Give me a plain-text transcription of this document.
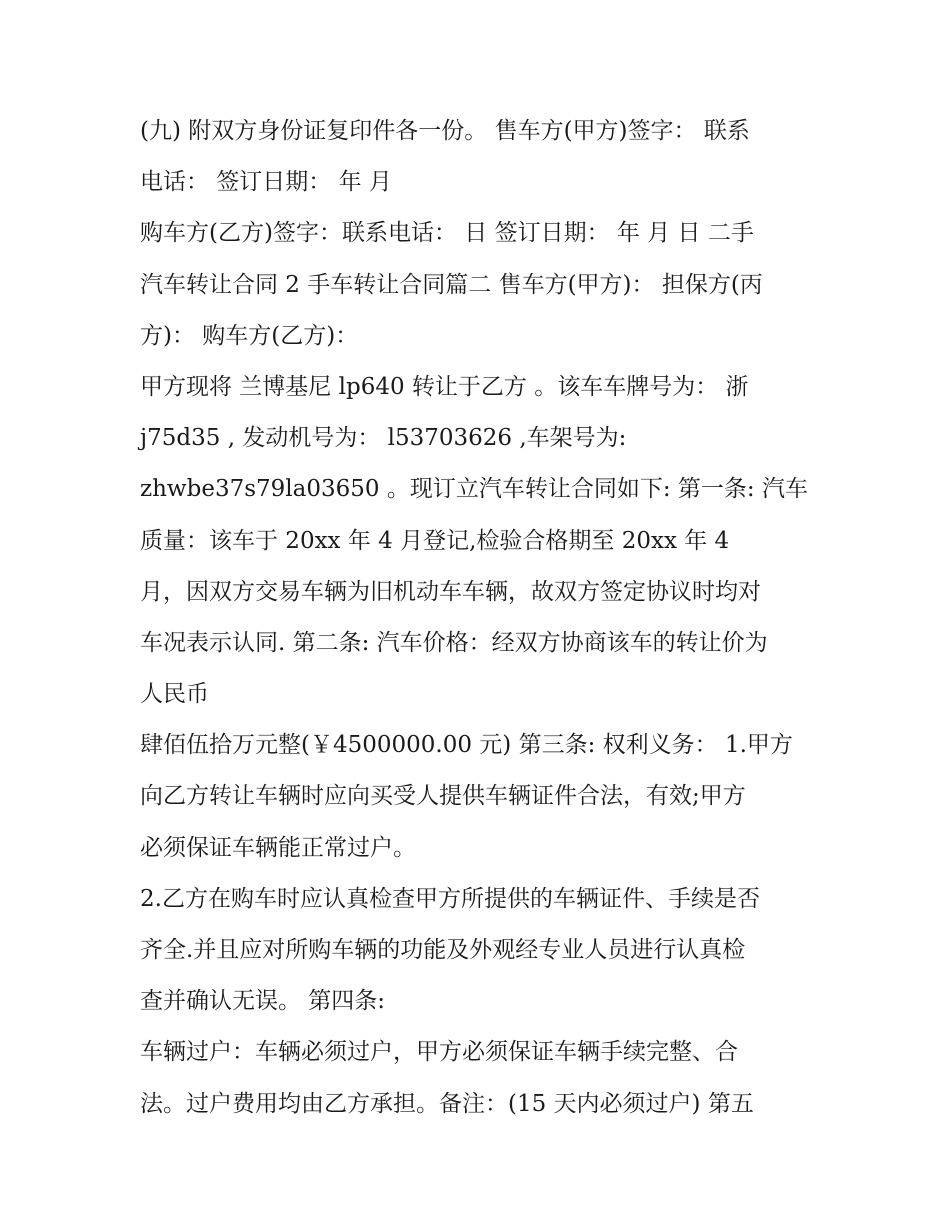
(九) 附双方身份证复印件各一份。 售车方(甲方)签字： 联系
电话： 签订日期： 年 月
购车方(乙方)签字：联系电话： 日 签订日期： 年 月 日 二手
汽车转让合同 2 手车转让合同篇二 售车方(甲方)： 担保方(丙
方)： 购车方(乙方)：
甲方现将 兰博基尼 lp640 转让于乙方 。该车车牌号为： 浙
j75d35 , 发动机号为： l53703626 ,车架号为:
zhwbe37s79la03650 。现订立汽车转让合同如下: 第一条: 汽车
质量：该车于 20xx 年 4 月登记,检验合格期至 20xx 年 4
月，因双方交易车辆为旧机动车车辆，故双方签定协议时均对
车况表示认同. 第二条: 汽车价格：经双方协商该车的转让价为
人民币
肆佰伍拾万元整(￥4500000.00 元) 第三条: 权利义务： 1.甲方
向乙方转让车辆时应向买受人提供车辆证件合法，有效;甲方
必须保证车辆能正常过户。
2.乙方在购车时应认真检查甲方所提供的车辆证件、手续是否
齐全.并且应对所购车辆的功能及外观经专业人员进行认真检
查并确认无误。 第四条:
车辆过户：车辆必须过户，甲方必须保证车辆手续完整、合
法。过户费用均由乙方承担。备注：(15 天内必须过户) 第五
